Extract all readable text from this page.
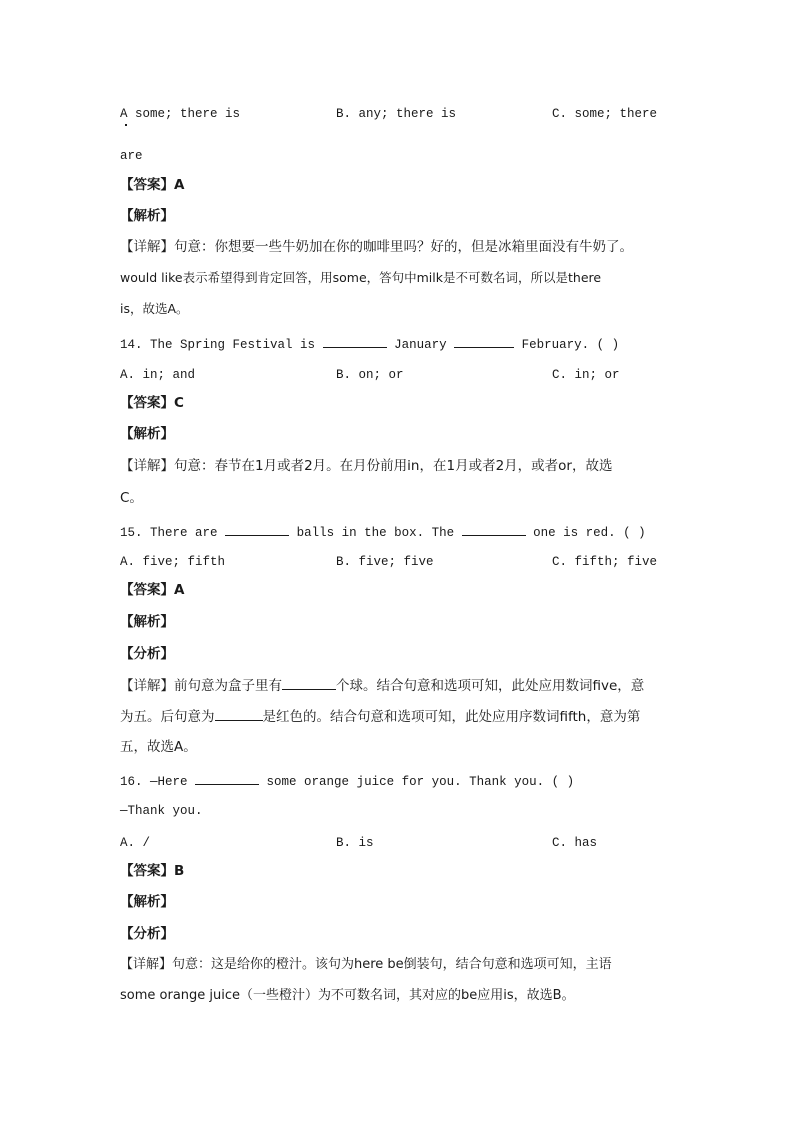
A some; there is	B. any; there is	C. some; there
are
【答案】A
【解析】
【详解】句意：你想要一些牛奶加在你的咖啡里吗？好的，但是冰箱里面没有牛奶了。
would like表示希望得到肯定回答，用some，答句中milk是不可数名词，所以是there
is，故选A。
14. The Spring Festival is	January	February. ( )
A. in; and	B. on; or	C. in; or
【答案】C
【解析】
【详解】句意：春节在1月或者2月。在月份前用in，在1月或者2月，或者or，故选
C。
15. There are	balls in the box. The	one is red. ( )
A. five; fifth	B. five; five	C. fifth; five
【答案】A
【解析】
【分析】
【详解】前句意为盒子里有	个球。结合句意和选项可知，此处应用数词five，意
为五。后句意为	是红色的。结合句意和选项可知，此处应用序数词fifth，意为第
五，故选A。
16. —Here	some orange juice for you. Thank you. ( )
—Thank you.
A. /	B. is	C. has
【答案】B
【解析】
【分析】
【详解】句意：这是给你的橙汁。该句为here be倒装句，结合句意和选项可知，主语
some orange juice（一些橙汁）为不可数名词，其对应的be应用is，故选B。
